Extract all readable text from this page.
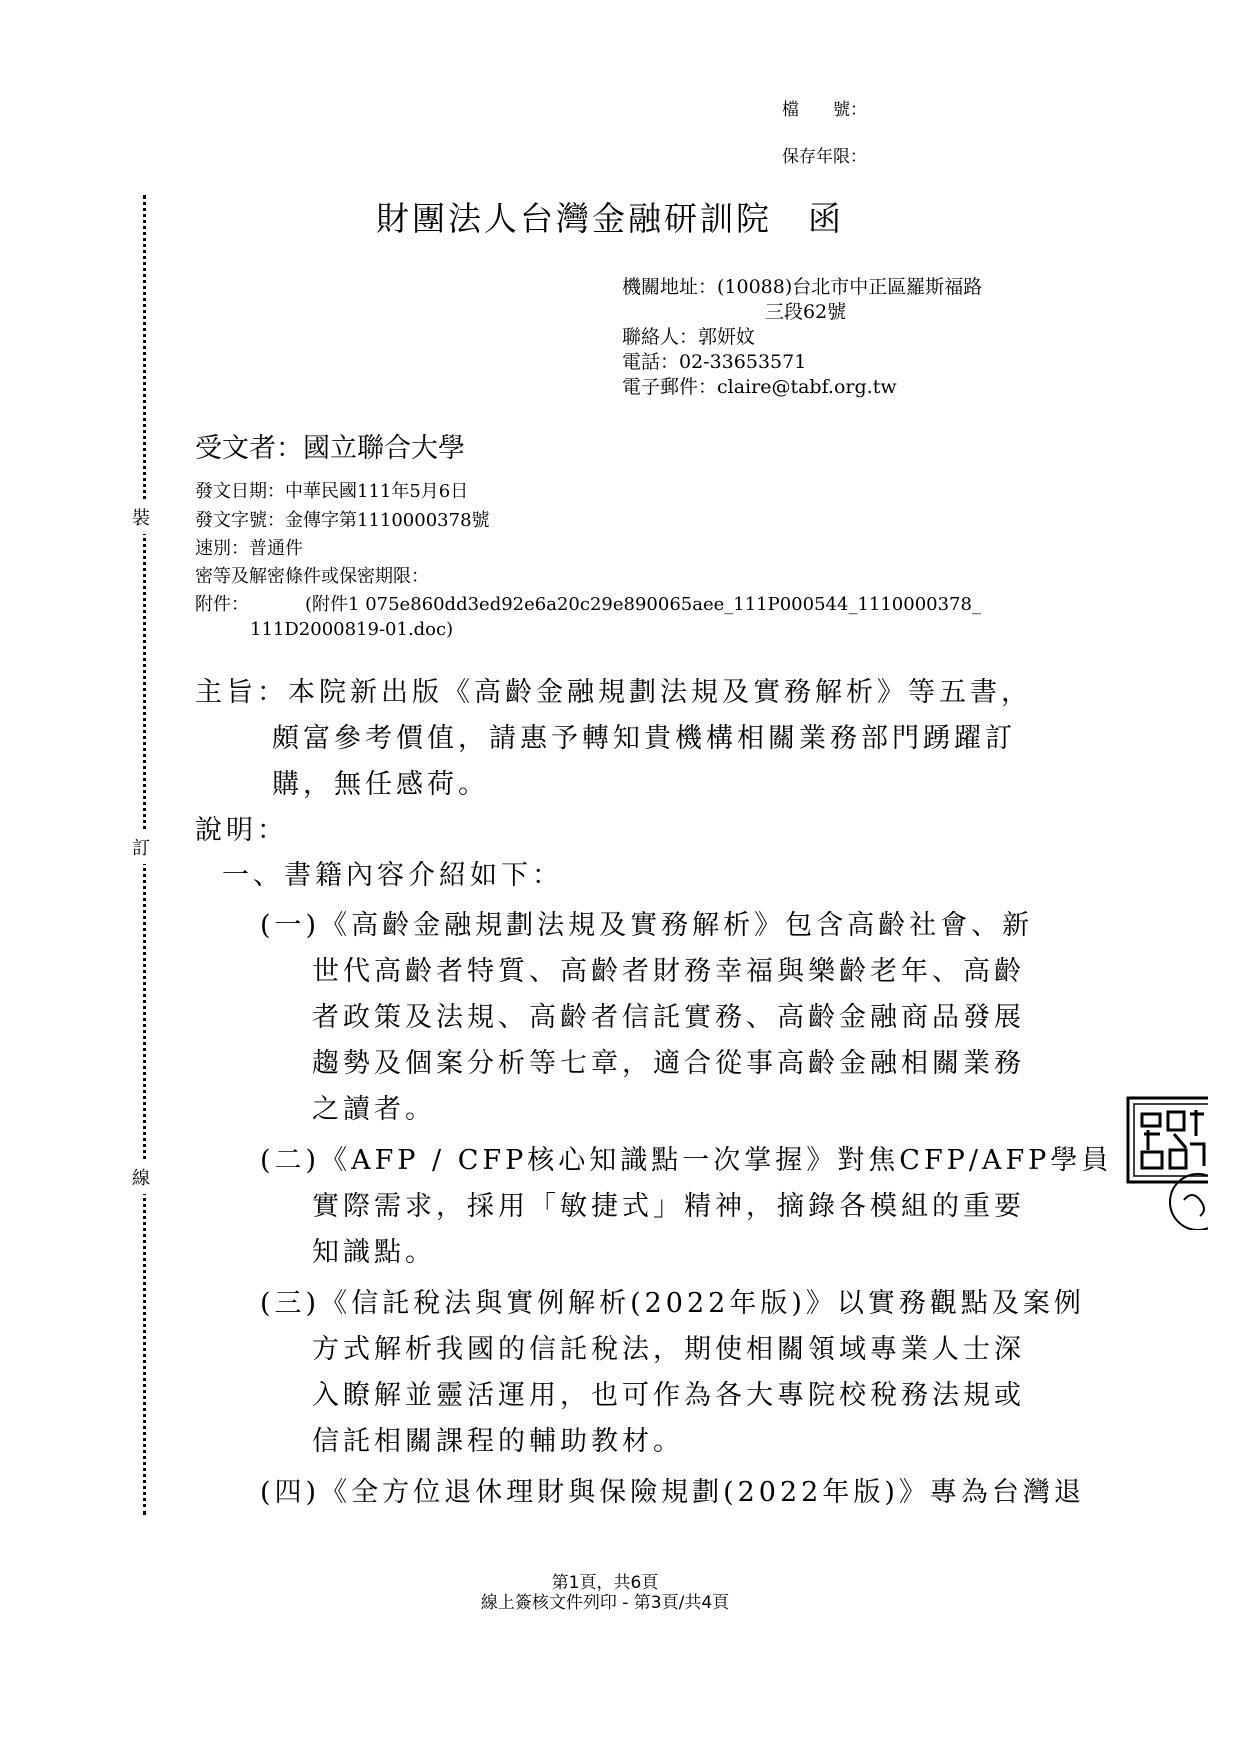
裝
訂
線
檔　　號：
保存年限：
財團法人台灣金融研訓院　函
機關地址：(10088)台北市中正區羅斯福路
三段62號
聯絡人：郭妍妏
電話：02-33653571
電子郵件：claire@tabf.org.tw
受文者：國立聯合大學
發文日期：中華民國111年5月6日
發文字號：金傳字第1110000378號
速別：普通件
密等及解密條件或保密期限：
附件：	(附件1 075e860dd3ed92e6a20c29e890065aee_111P000544_1110000378_
111D2000819-01.doc)
主旨：本院新出版《高齡金融規劃法規及實務解析》等五書，
頗富參考價值，請惠予轉知貴機構相關業務部門踴躍訂
購，無任感荷。
說明：
一、書籍內容介紹如下：
(一)《高齡金融規劃法規及實務解析》包含高齡社會、新
世代高齡者特質、高齡者財務幸福與樂齡老年、高齡
者政策及法規、高齡者信託實務、高齡金融商品發展
趨勢及個案分析等七章，適合從事高齡金融相關業務
之讀者。
(二)《AFP / CFP核心知識點一次掌握》對焦CFP/AFP學員
實際需求，採用「敏捷式」精神，摘錄各模組的重要
知識點。
(三)《信託稅法與實例解析(2022年版)》以實務觀點及案例
方式解析我國的信託稅法，期使相關領域專業人士深
入瞭解並靈活運用，也可作為各大專院校稅務法規或
信託相關課程的輔助教材。
(四)《全方位退休理財與保險規劃(2022年版)》專為台灣退
第1頁，共6頁
線上簽核文件列印 - 第3頁/共4頁
